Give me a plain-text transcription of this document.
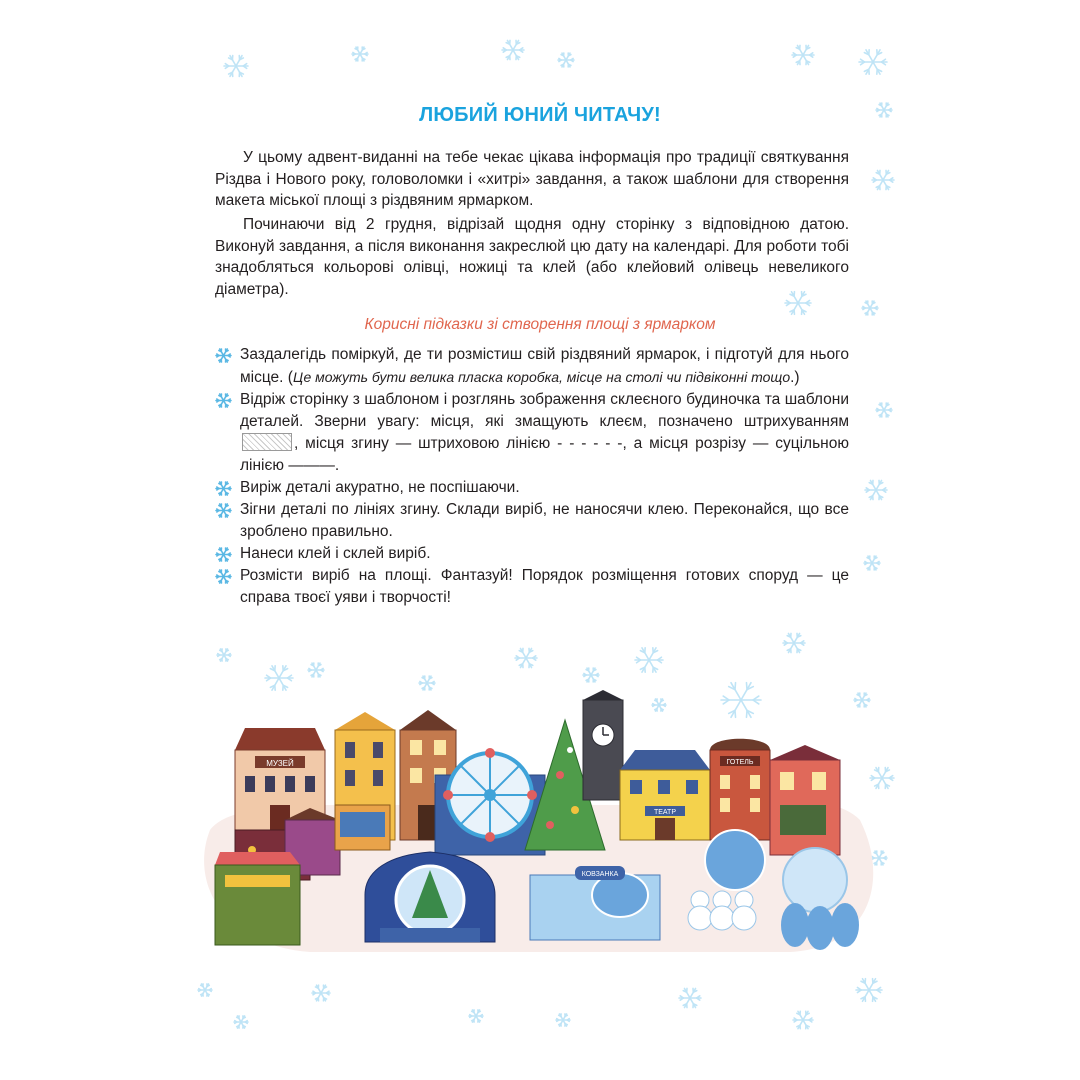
ЛЮБИЙ ЮНИЙ ЧИТАЧУ!

У цьому адвент-виданні на тебе чекає цікава інформація про традиції святкування Різдва і Нового року, головоломки і «хитрі» завдання, а також шаблони для створення макета міської площі з різдвяним ярмарком.

Починаючи від 2 грудня, відрізай щодня одну сторінку з відповідною датою. Виконуй завдання, а після виконання закреслюй цю дату на календарі. Для роботи тобі знадобляться кольорові олівці, ножиці та клей (або клейовий олівець невеликого діаметра).

Корисні підказки зі створення площі з ярмарком
Заздалегідь поміркуй, де ти розмістиш свій різдвяний ярмарок, і підготуй для нього місце. (Це можуть бути велика пласка коробка, місце на столі чи підвіконні тощо.)
Відріж сторінку з шаблоном і розглянь зображення склеєного будиночка та шаблони деталей. Зверни увагу: місця, які змащують клеєм, позначено штрихуванням , місця згину — штриховою лінією - - - - - -, а місця розрізу — суцільною лінією ———.
Виріж деталі акуратно, не поспішаючи.
Зігни деталі по лініях згину. Склади виріб, не наносячи клею. Переконайся, що все зроблено правильно.
Нанеси клей і склей виріб.
Розмісти виріб на площі. Фантазуй! Порядок розміщення готових споруд — це справа твоєї уяви і творчості!
МУЗЕЙ
ТЕАТР
ГОТЕЛЬ
КОВЗАНКА
